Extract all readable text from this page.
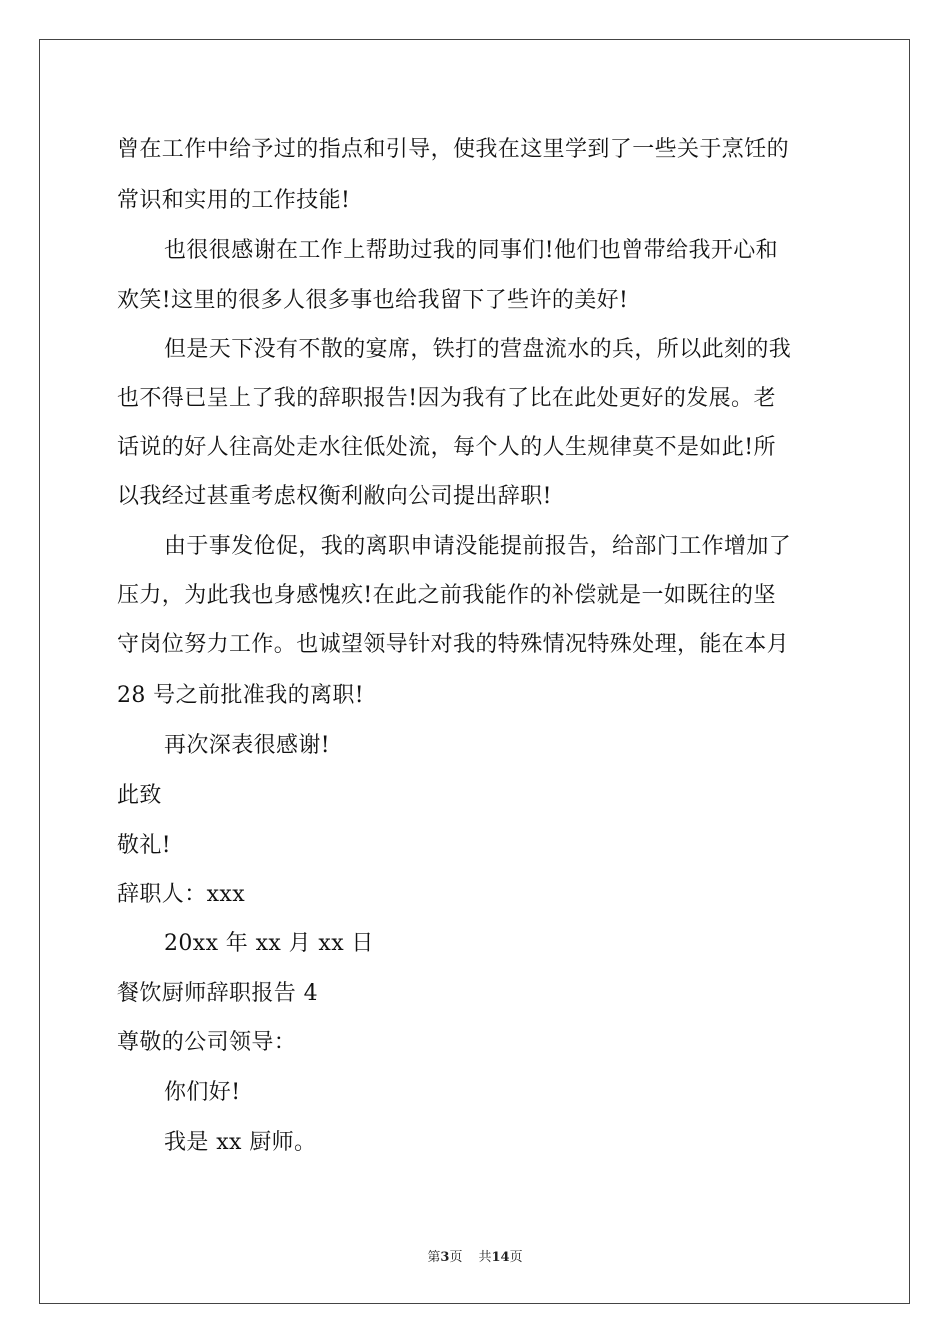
曾在工作中给予过的指点和引导，使我在这里学到了一些关于烹饪的
常识和实用的工作技能!
也很很感谢在工作上帮助过我的同事们!他们也曾带给我开心和
欢笑!这里的很多人很多事也给我留下了些许的美好!
但是天下没有不散的宴席，铁打的营盘流水的兵，所以此刻的我
也不得已呈上了我的辞职报告!因为我有了比在此处更好的发展。老
话说的好人往高处走水往低处流，每个人的人生规律莫不是如此!所
以我经过甚重考虑权衡利敝向公司提出辞职!
由于事发伧促，我的离职申请没能提前报告，给部门工作增加了
压力，为此我也身感愧疚!在此之前我能作的补偿就是一如既往的坚
守岗位努力工作。也诚望领导针对我的特殊情况特殊处理，能在本月
28 号之前批准我的离职!
再次深表很感谢!
此致
敬礼!
辞职人：xxx
20xx 年 xx 月 xx 日
餐饮厨师辞职报告 4
尊敬的公司领导：
你们好!
我是 xx 厨师。
第3页 共14页
